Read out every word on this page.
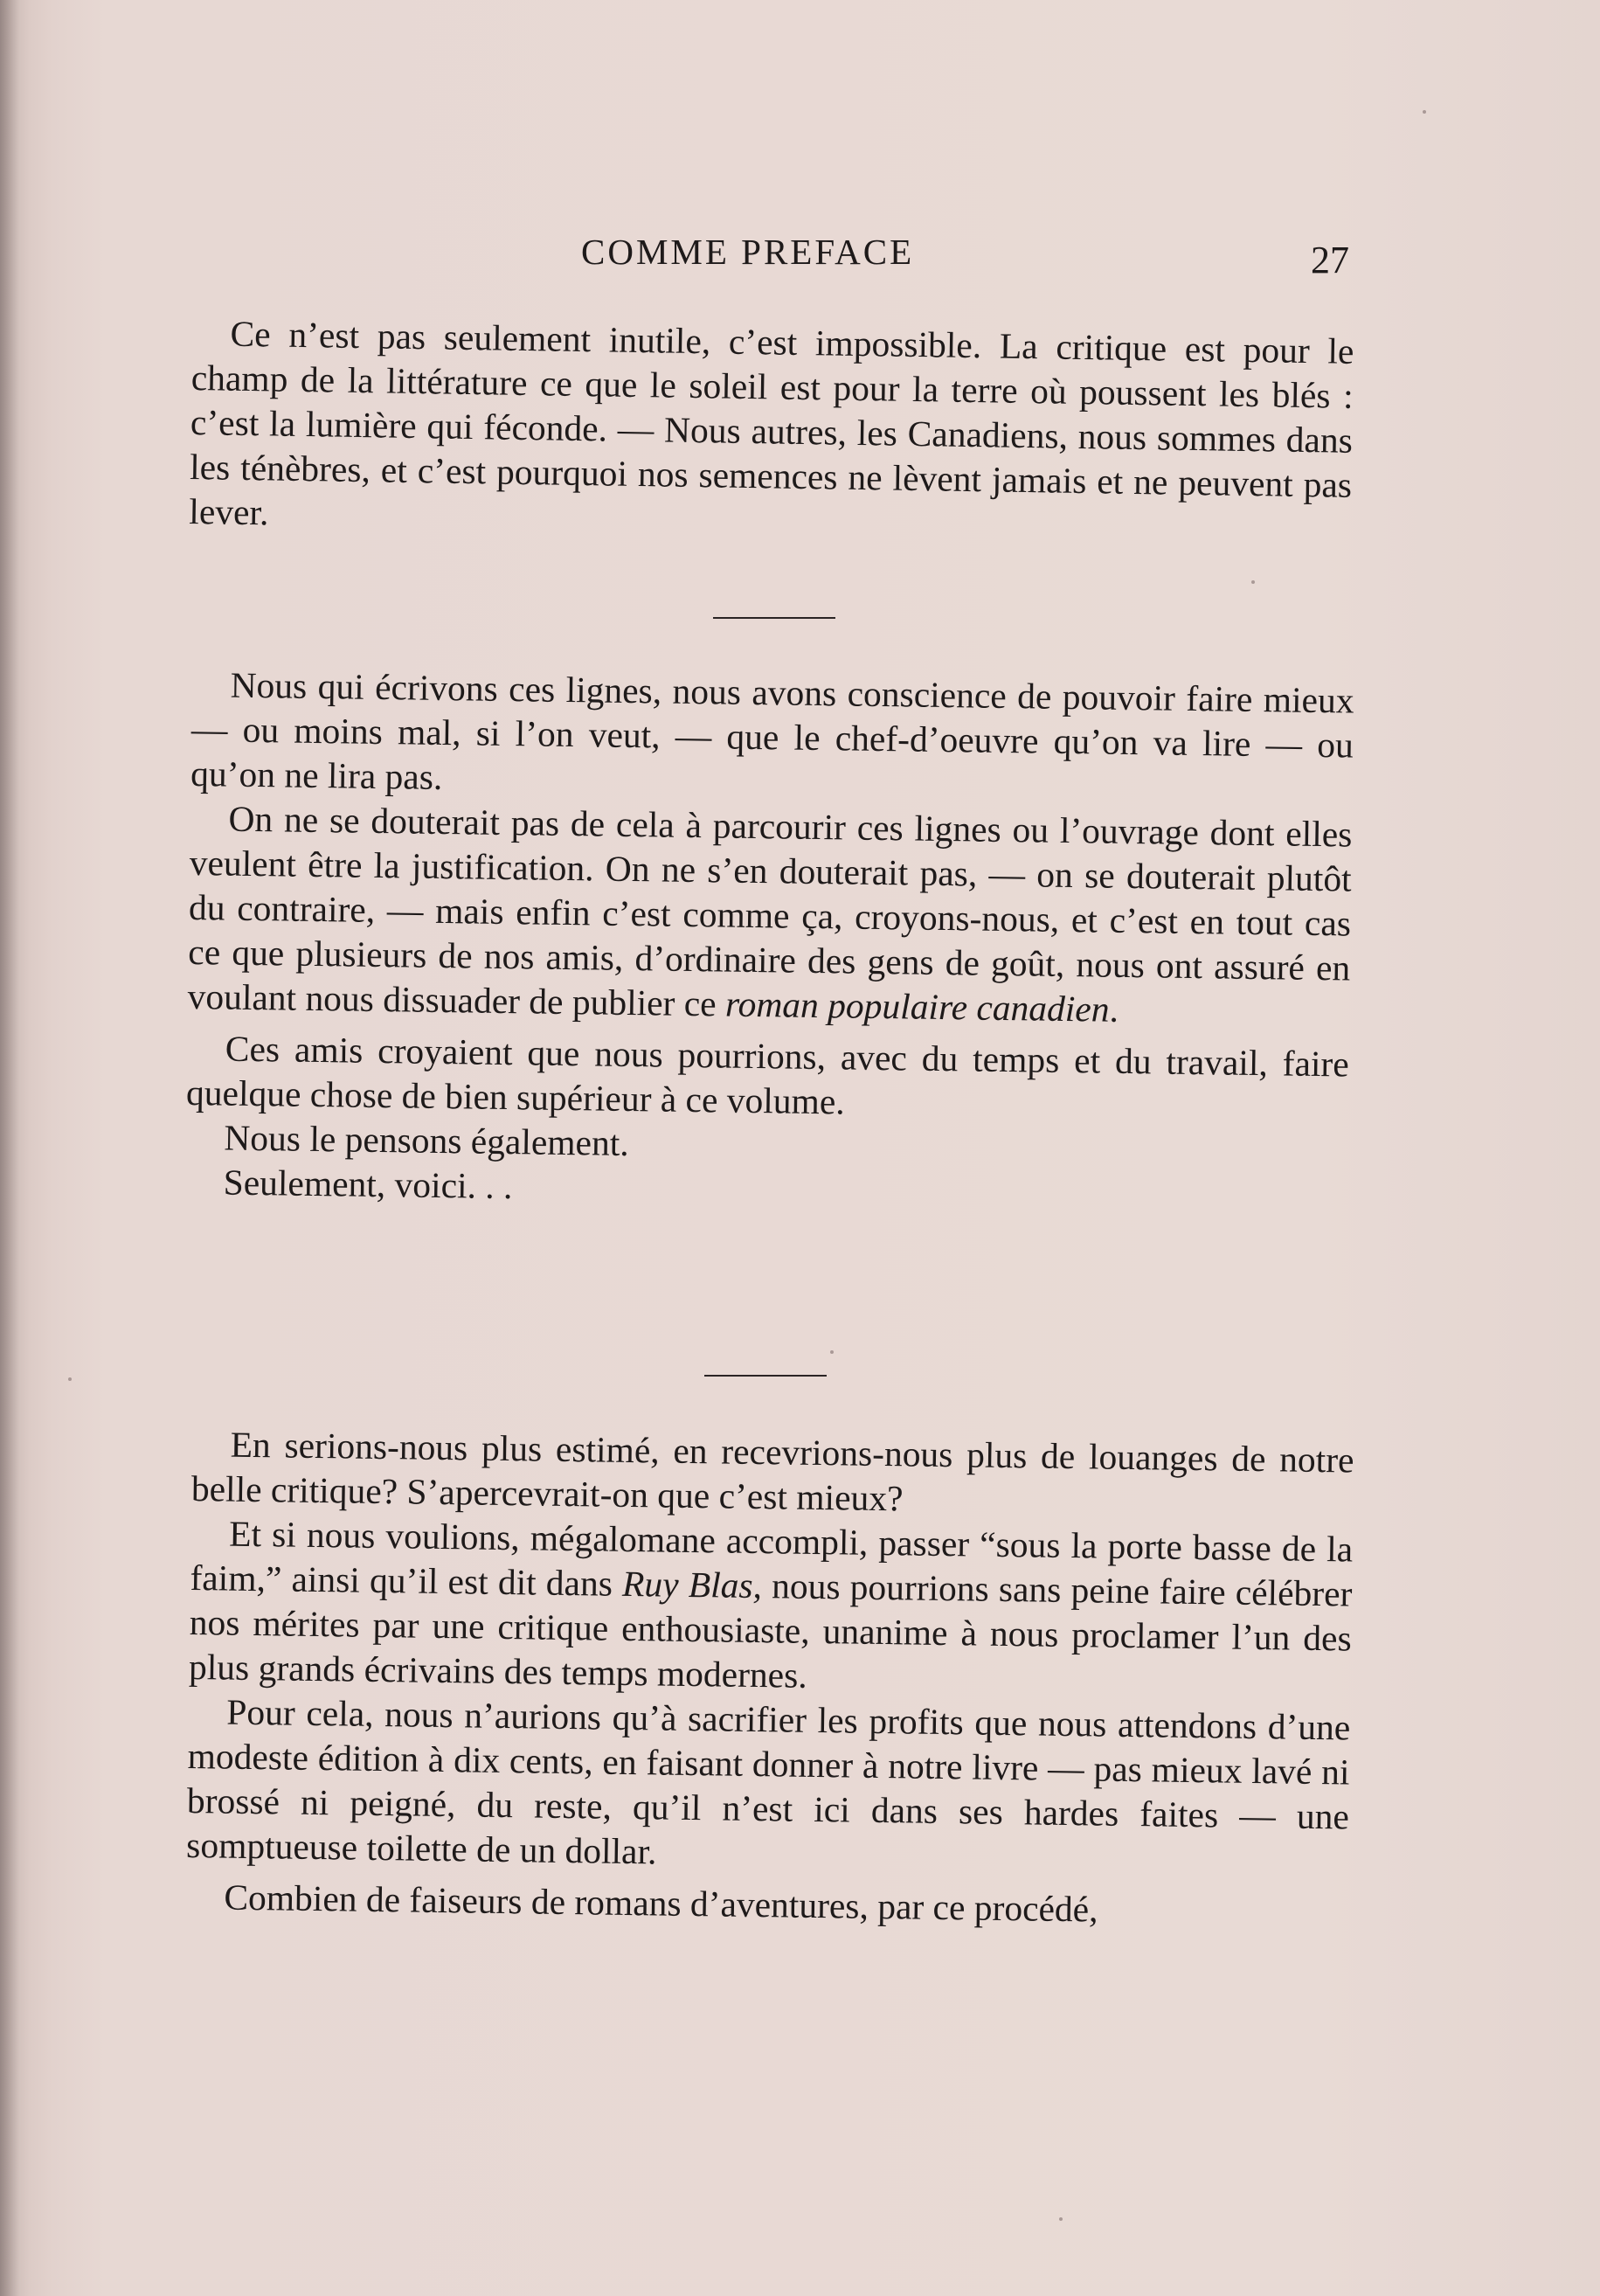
COMME PREFACE	27

Ce n’est pas seulement inutile, c’est impossible. La critique est pour le champ de la littérature ce que le soleil est pour la terre où poussent les blés : c’est la lumière qui féconde. — Nous autres, les Canadiens, nous sommes dans les ténèbres, et c’est pourquoi nos semences ne lèvent jamais et ne peuvent pas lever.

Nous qui écrivons ces lignes, nous avons conscience de pouvoir faire mieux — ou moins mal, si l’on veut, — que le chef-d’oeuvre qu’on va lire — ou qu’on ne lira pas.

On ne se douterait pas de cela à parcourir ces lignes ou l’ouvrage dont elles veulent être la justification. On ne s’en douterait pas, — on se douterait plutôt du contraire, — mais enfin c’est comme ça, croyons-nous, et c’est en tout cas ce que plusieurs de nos amis, d’ordinaire des gens de goût, nous ont assuré en voulant nous dissuader de publier ce roman populaire canadien.

Ces amis croyaient que nous pourrions, avec du temps et du travail, faire quelque chose de bien supérieur à ce volume.

Nous le pensons également.

Seulement, voici. . .

En serions-nous plus estimé, en recevrions-nous plus de louanges de notre belle critique? S’apercevrait-on que c’est mieux?

Et si nous voulions, mégalomane accompli, passer “sous la porte basse de la faim,” ainsi qu’il est dit dans Ruy Blas, nous pourrions sans peine faire célébrer nos mérites par une critique enthousiaste, unanime à nous proclamer l’un des plus grands écrivains des temps modernes.

Pour cela, nous n’aurions qu’à sacrifier les profits que nous attendons d’une modeste édition à dix cents, en faisant donner à notre livre — pas mieux lavé ni brossé ni peigné, du reste, qu’il n’est ici dans ses hardes faites — une somptueuse toilette de un dollar.

Combien de faiseurs de romans d’aventures, par ce procédé,
